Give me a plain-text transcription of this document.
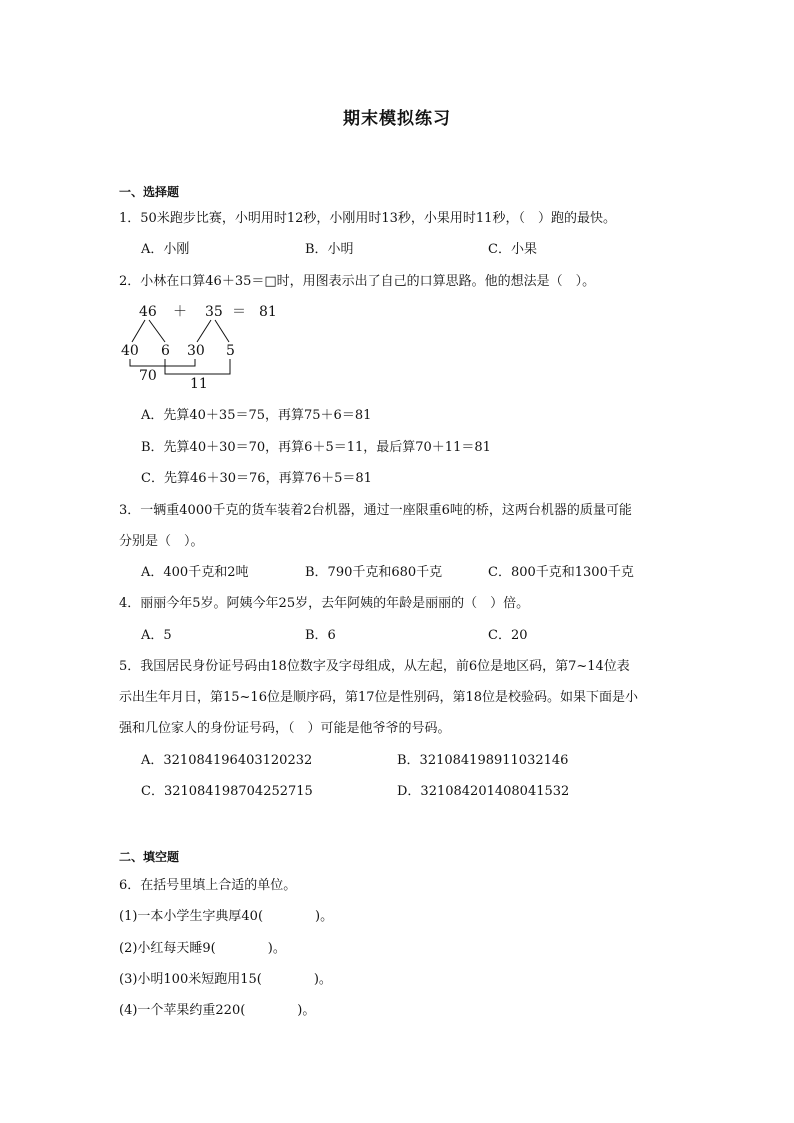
期末模拟练习
一、选择题
1．50米跑步比赛，小明用时12秒，小刚用时13秒，小果用时11秒，（　）跑的最快。
A．小刚	B．小明	C．小果
2．小林在口算46＋35＝□时，用图表示出了自己的口算思路。他的想法是（　）。
46 ＋ 35 ＝ 81
40 6 30 5
70 11
A．先算40＋35＝75，再算75＋6＝81
B．先算40＋30＝70，再算6＋5＝11，最后算70＋11＝81
C．先算46＋30＝76，再算76＋5＝81
3．一辆重4000千克的货车装着2台机器，通过一座限重6吨的桥，这两台机器的质量可能
分别是（　）。
A．400千克和2吨	B．790千克和680千克	C．800千克和1300千克
4．丽丽今年5岁。阿姨今年25岁，去年阿姨的年龄是丽丽的（　）倍。
A．5	B．6	C．20
5．我国居民身份证号码由18位数字及字母组成，从左起，前6位是地区码，第7~14位表
示出生年月日，第15~16位是顺序码，第17位是性别码，第18位是校验码。如果下面是小
强和几位家人的身份证号码，（　）可能是他爷爷的号码。
A．321084196403120232	B．321084198911032146
C．321084198704252715	D．321084201408041532
二、填空题
6．在括号里填上合适的单位。
(1)一本小学生字典厚40(　　　　)。
(2)小红每天睡9(　　　　)。
(3)小明100米短跑用15(　　　　)。
(4)一个苹果约重220(　　　　)。
